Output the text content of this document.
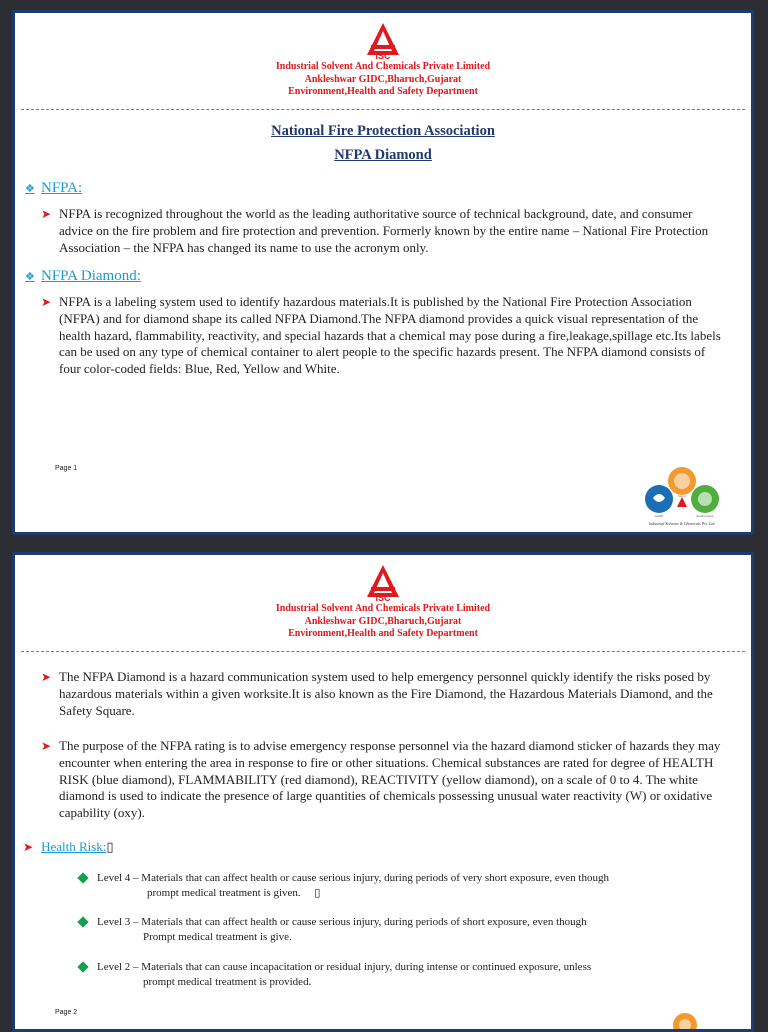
ISC
Industrial Solvent And Chemicals Private Limited
Ankleshwar GIDC,Bharuch,Gujarat
Environment,Health and Safety Department
National Fire Protection Association
NFPA Diamond
❖ NFPA:
➤ NFPA is recognized throughout the world as the leading authoritative source of technical background, date, and consumer advice on the fire problem and fire protection and prevention. Formerly known by the entire name – National Fire Protection Association – the NFPA has changed its name to use the acronym only.
❖ NFPA Diamond:
➤ NFPA is a labeling system used to identify hazardous materials.It is published by the National Fire Protection Association (NFPA) and for diamond shape its called NFPA Diamond.The NFPA diamond provides a quick visual representation of the health hazard, flammability, reactivity, and special hazards that a chemical may pose during a fire,leakage,spillage etc.Its labels can be used on any type of chemical container to alert people to the specific hazards present. The NFPA diamond consists of four color-coded fields: Blue, Red, Yellow and White.
Page 1
Safety
Health	Environment
Industrial Solvents & Chemicals Pvt. Ltd.
ISC
Industrial Solvent And Chemicals Private Limited
Ankleshwar GIDC,Bharuch,Gujarat
Environment,Health and Safety Department
➤ The NFPA Diamond is a hazard communication system used to help emergency personnel quickly identify the risks posed by hazardous materials within a given worksite.It is also known as the Fire Diamond, the Hazardous Materials Diamond, and the Safety Square.
➤ The purpose of the NFPA rating is to advise emergency response personnel via the hazard diamond sticker of hazards they may encounter when entering the area in response to fire or other situations. Chemical substances are rated for degree of HEALTH RISK (blue diamond), FLAMMABILITY (red diamond), REACTIVITY (yellow diamond), on a scale of 0 to 4. The white diamond is used to indicate the presence of large quantities of chemicals possessing unusual water reactivity (W) or oxidative capability (oxy).
➤ Health Risk:▯
Level 4 – Materials that can affect health or cause serious injury, during periods of very short exposure, even though
prompt medical treatment is given. ▯
Level 3 – Materials that can affect health or cause serious injury, during periods of short exposure, even though
Prompt medical treatment is give.
Level 2 – Materials that can cause incapacitation or residual injury, during intense or continued exposure, unless
prompt medical treatment is provided.
Page 2
